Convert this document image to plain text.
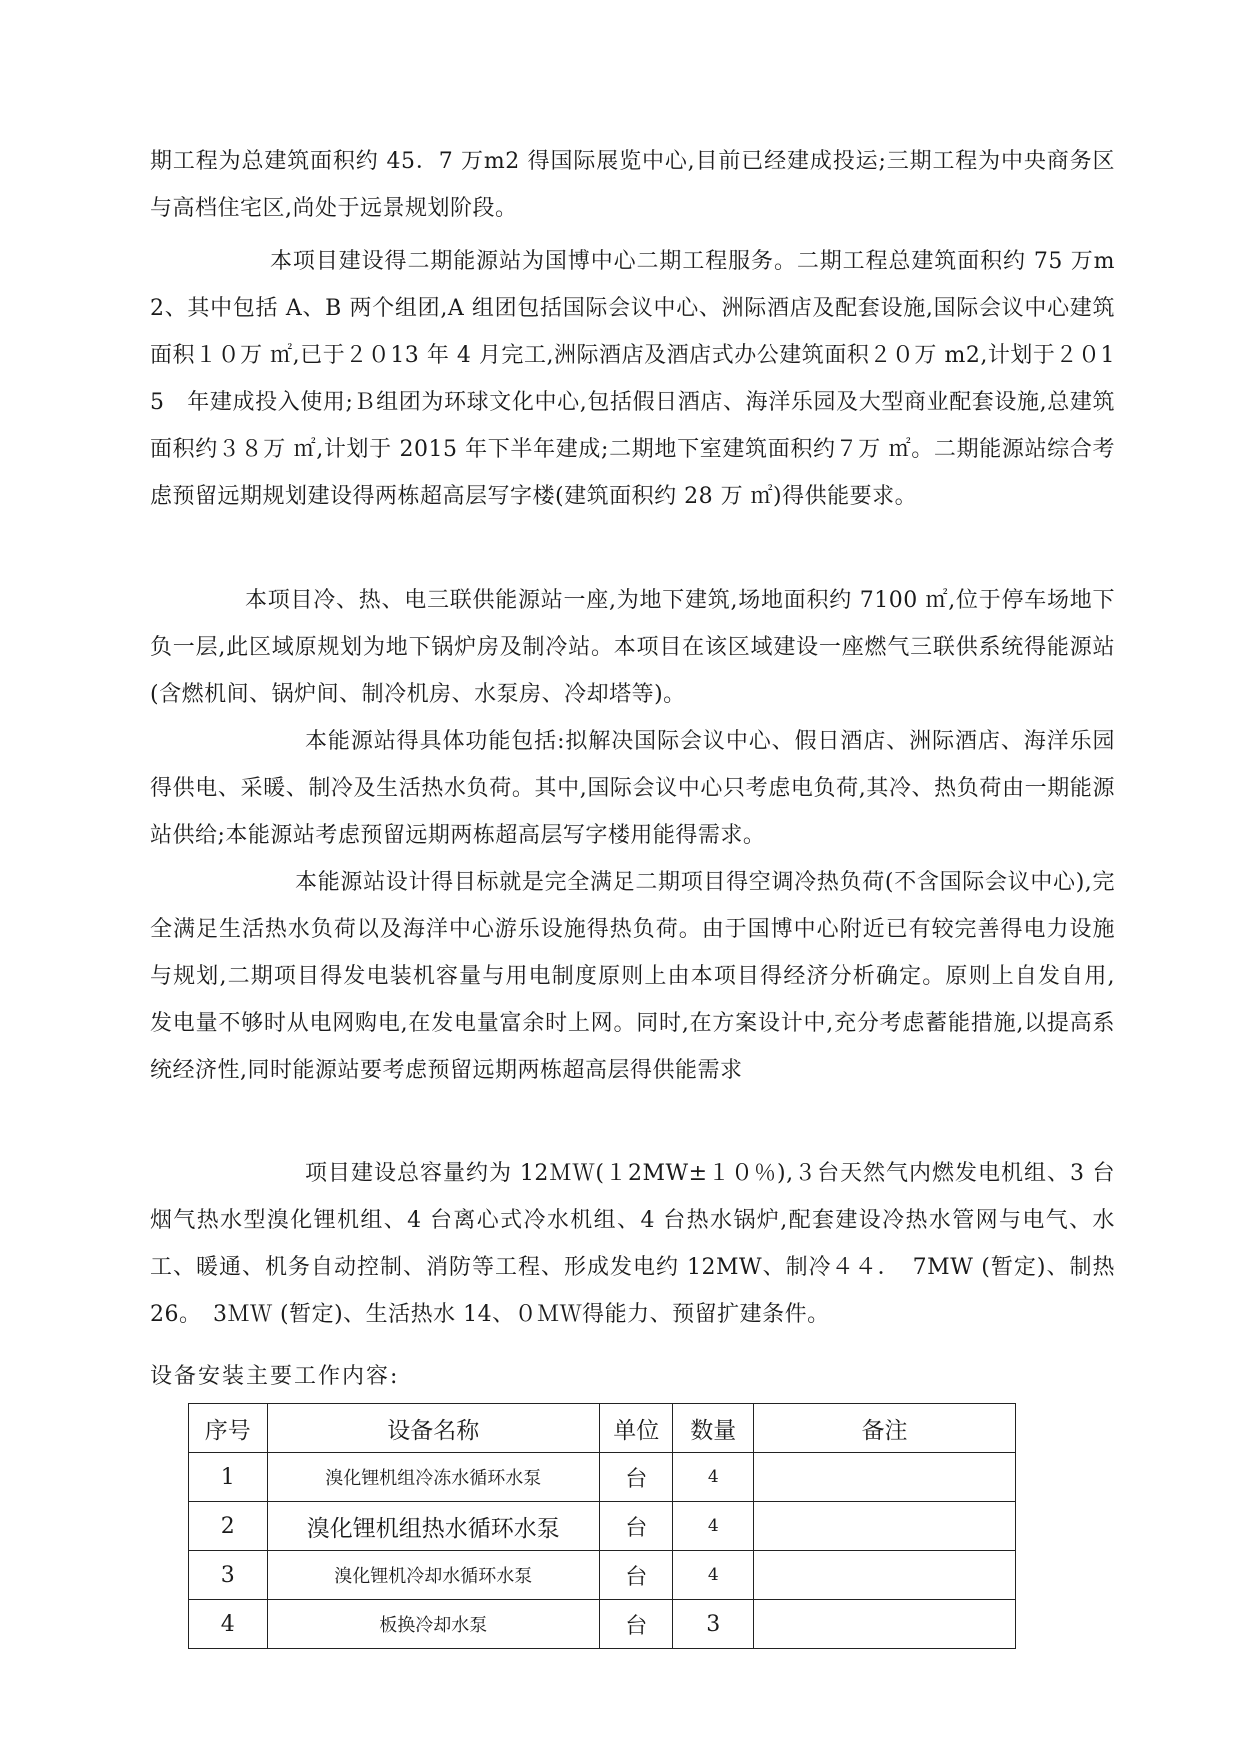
期工程为总建筑面积约 45．7 万m2 得国际展览中心,目前已经建成投运;三期工程为中央商务区与高档住宅区,尚处于远景规划阶段。

本项目建设得二期能源站为国博中心二期工程服务。二期工程总建筑面积约 75 万m2、其中包括 A、B 两个组团,A 组团包括国际会议中心、洲际酒店及配套设施,国际会议中心建筑面积１０万 ㎡,已于２０13 年 4 月完工,洲际酒店及酒店式办公建筑面积２０万 m2,计划于２０15　年建成投入使用;Ｂ组团为环球文化中心,包括假日酒店、海洋乐园及大型商业配套设施,总建筑面积约３８万 ㎡,计划于 2015 年下半年建成;二期地下室建筑面积约７万 ㎡。二期能源站综合考虑预留远期规划建设得两栋超高层写字楼(建筑面积约 28 万 ㎡)得供能要求。

本项目冷、热、电三联供能源站一座,为地下建筑,场地面积约 7100 ㎡,位于停车场地下负一层,此区域原规划为地下锅炉房及制冷站。本项目在该区域建设一座燃气三联供系统得能源站(含燃机间、锅炉间、制冷机房、水泵房、冷却塔等)。

本能源站得具体功能包括:拟解决国际会议中心、假日酒店、洲际酒店、海洋乐园得供电、采暖、制冷及生活热水负荷。其中,国际会议中心只考虑电负荷,其冷、热负荷由一期能源站供给;本能源站考虑预留远期两栋超高层写字楼用能得需求。

本能源站设计得目标就是完全满足二期项目得空调冷热负荷(不含国际会议中心),完全满足生活热水负荷以及海洋中心游乐设施得热负荷。由于国博中心附近已有较完善得电力设施与规划,二期项目得发电装机容量与用电制度原则上由本项目得经济分析确定。原则上自发自用, 发电量不够时从电网购电,在发电量富余时上网。同时,在方案设计中,充分考虑蓄能措施,以提高系统经济性,同时能源站要考虑预留远期两栋超高层得供能需求

项目建设总容量约为 12ＭＷ(１2MW±１０％),３台天然气内燃发电机组、3 台烟气热水型溴化锂机组、4 台离心式冷水机组、4 台热水锅炉,配套建设冷热水管网与电气、水工、暖通、机务自动控制、消防等工程、形成发电约 12MW、制冷４４．　7MW (暂定)、制热 26。　3ＭＷ (暂定)、生活热水 14、０ＭＷ得能力、预留扩建条件。

设备安装主要工作内容:
序号	设备名称	单位	数量	备注
1	溴化锂机组冷冻水循环水泵	台	4	
2	溴化锂机组热水循环水泵	台	4	
3	溴化锂机冷却水循环水泵	台	4	
4	板换冷却水泵	台	3	
